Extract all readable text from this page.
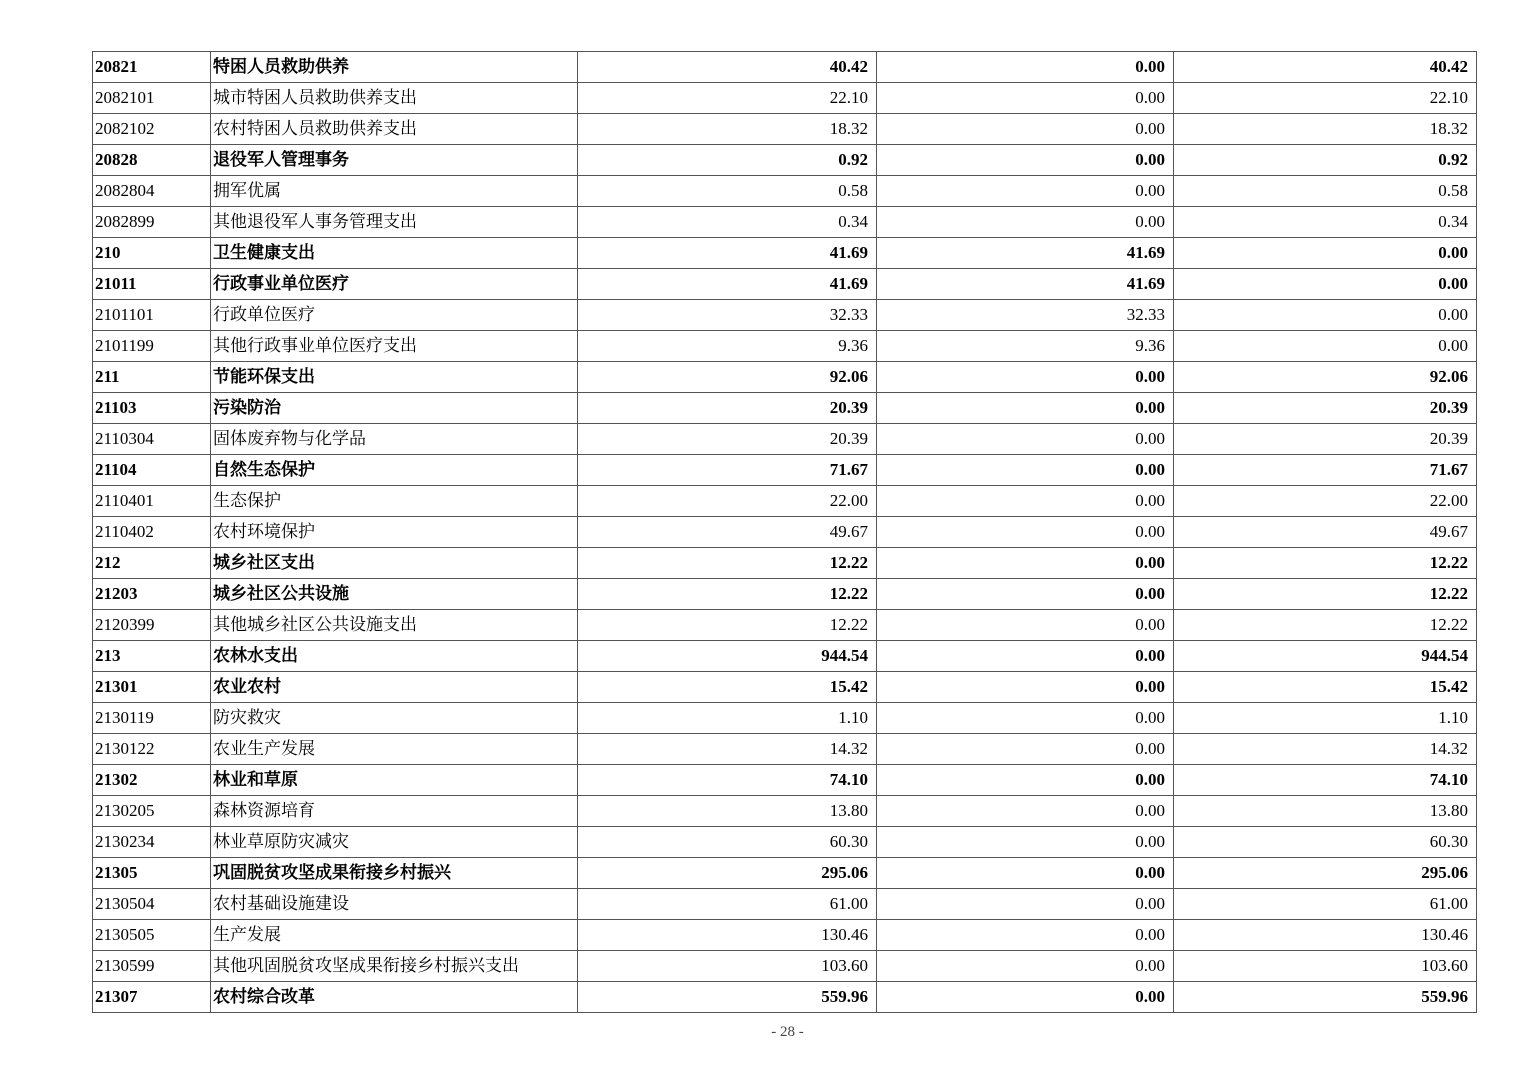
20821	特困人员救助供养	40.42	0.00	40.42
2082101	城市特困人员救助供养支出	22.10	0.00	22.10
2082102	农村特困人员救助供养支出	18.32	0.00	18.32
20828	退役军人管理事务	0.92	0.00	0.92
2082804	拥军优属	0.58	0.00	0.58
2082899	其他退役军人事务管理支出	0.34	0.00	0.34
210	卫生健康支出	41.69	41.69	0.00
21011	行政事业单位医疗	41.69	41.69	0.00
2101101	行政单位医疗	32.33	32.33	0.00
2101199	其他行政事业单位医疗支出	9.36	9.36	0.00
211	节能环保支出	92.06	0.00	92.06
21103	污染防治	20.39	0.00	20.39
2110304	固体废弃物与化学品	20.39	0.00	20.39
21104	自然生态保护	71.67	0.00	71.67
2110401	生态保护	22.00	0.00	22.00
2110402	农村环境保护	49.67	0.00	49.67
212	城乡社区支出	12.22	0.00	12.22
21203	城乡社区公共设施	12.22	0.00	12.22
2120399	其他城乡社区公共设施支出	12.22	0.00	12.22
213	农林水支出	944.54	0.00	944.54
21301	农业农村	15.42	0.00	15.42
2130119	防灾救灾	1.10	0.00	1.10
2130122	农业生产发展	14.32	0.00	14.32
21302	林业和草原	74.10	0.00	74.10
2130205	森林资源培育	13.80	0.00	13.80
2130234	林业草原防灾减灾	60.30	0.00	60.30
21305	巩固脱贫攻坚成果衔接乡村振兴	295.06	0.00	295.06
2130504	农村基础设施建设	61.00	0.00	61.00
2130505	生产发展	130.46	0.00	130.46
2130599	其他巩固脱贫攻坚成果衔接乡村振兴支出	103.60	0.00	103.60
21307	农村综合改革	559.96	0.00	559.96
- 28 -
